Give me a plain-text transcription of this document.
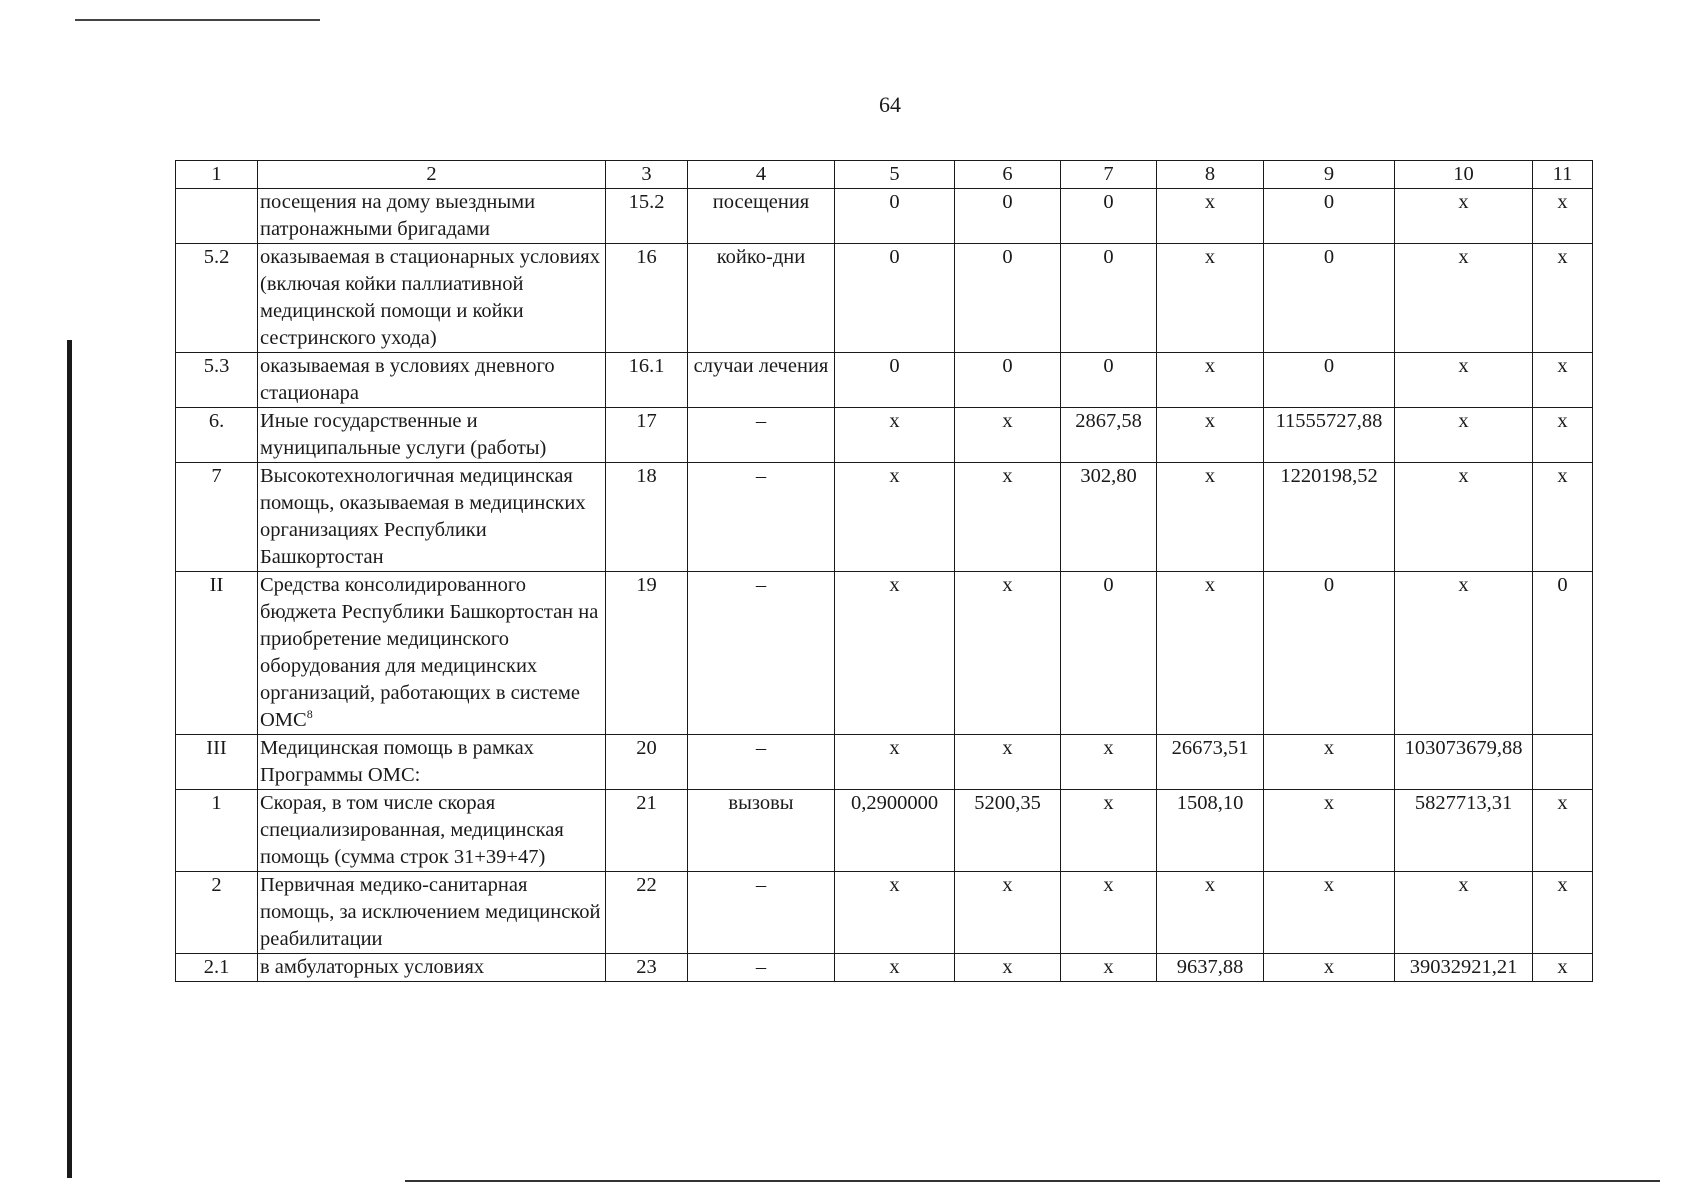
64
1	2	3	4	5	6	7	8	9	10	11
	посещения на дому выездными патронажными бригадами	15.2	посещения	0	0	0	x	0	x	x
5.2	оказываемая в стационарных условиях (включая койки паллиативной медицинской помощи и койки сестринского ухода)	16	койко-дни	0	0	0	x	0	x	x
5.3	оказываемая в условиях дневного стационара	16.1	случаи лечения	0	0	0	x	0	x	x
6.	Иные государственные и муниципальные услуги (работы)	17	–	x	x	2867,58	x	11555727,88	x	x
7	Высокотехнологичная медицинская помощь, оказываемая в медицинских организациях Республики Башкортостан	18	–	x	x	302,80	x	1220198,52	x	x
II	Средства консолидированного бюджета Республики Башкортостан на приобретение медицинского оборудования для медицинских организаций, работающих в системе ОМС$^8$	19	–	x	x	0	x	0	x	0
III	Медицинская помощь в рамках Программы ОМС:	20	–	x	x	x	26673,51	x	103073679,88	
1	Скорая, в том числе скорая специализированная, медицинская помощь (сумма строк 31+39+47)	21	вызовы	0,2900000	5200,35	x	1508,10	x	5827713,31	x
2	Первичная медико-санитарная помощь, за исключением медицинской реабилитации	22	–	x	x	x	x	x	x	x
2.1	в амбулаторных условиях	23	–	x	x	x	9637,88	x	39032921,21	x
